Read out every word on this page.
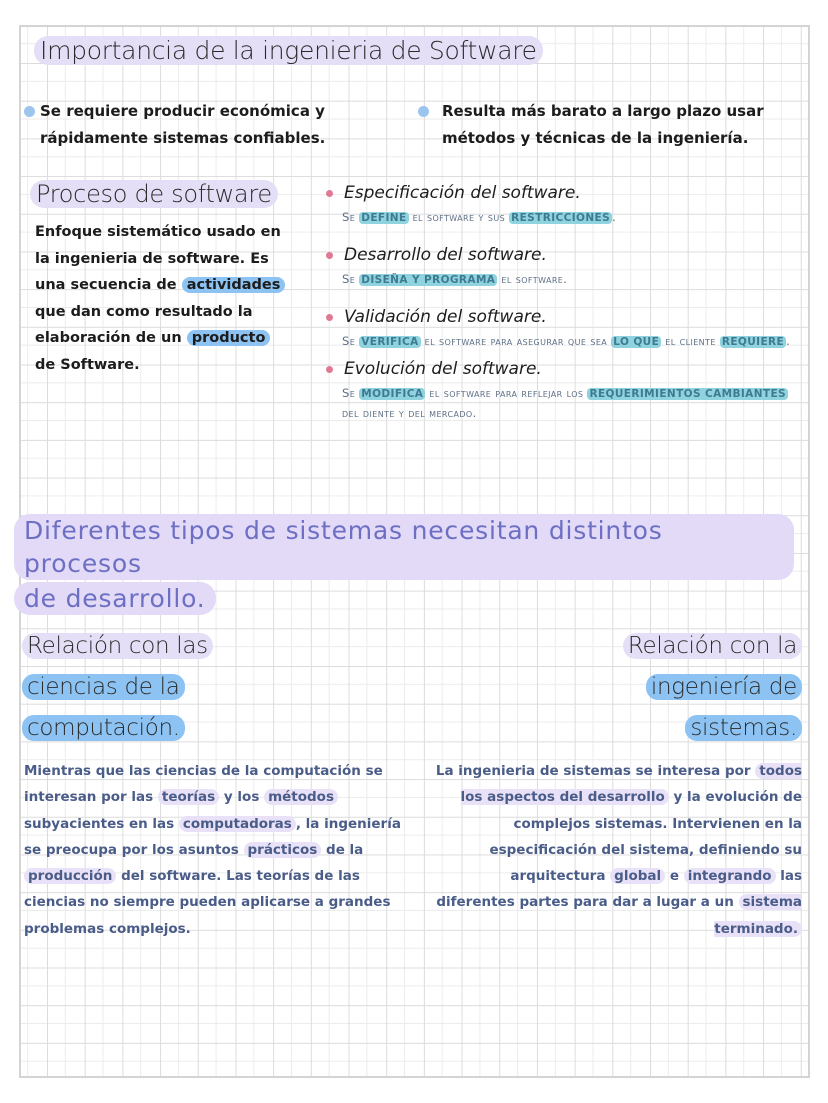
Importancia de la ingenieria de Software
Se requiere producir económica y rápidamente sistemas confiables.
Resulta más barato a largo plazo usar métodos y técnicas de la ingeniería.
Proceso de software
Enfoque sistemático usado en la ingenieria de software. Es una secuencia de actividades que dan como resultado la elaboración de un producto de Software.
Especificación del software.
Se DEFINE el software y sus RESTRICCIONES .
Desarrollo del software.
Se DISEÑA Y PROGRAMA el software.
Validación del software.
Se VERIFICA el software para asegurar que sea LO QUE el cliente REQUIERE .
Evolución del software.
Se MODIFICA el software para reflejar los REQUERIMIENTOS CAMBIANTES del diente y del mercado.
Diferentes tipos de sistemas necesitan distintos procesos
de desarrollo.
Relación con las
ciencias de la
computación.
Relación con la
ingeniería de
sistemas.
Mientras que las ciencias de la computación se interesan por las teorías y los métodos subyacientes en las computadoras , la ingeniería se preocupa por los asuntos prácticos de la producción del software. Las teorías de las ciencias no siempre pueden aplicarse a grandes problemas complejos.
La ingenieria de sistemas se interesa por todos los aspectos del desarrollo y la evolución de complejos sistemas. Intervienen en la especificación del sistema, definiendo su arquitectura global e integrando las diferentes partes para dar a lugar a un sistema terminado.
